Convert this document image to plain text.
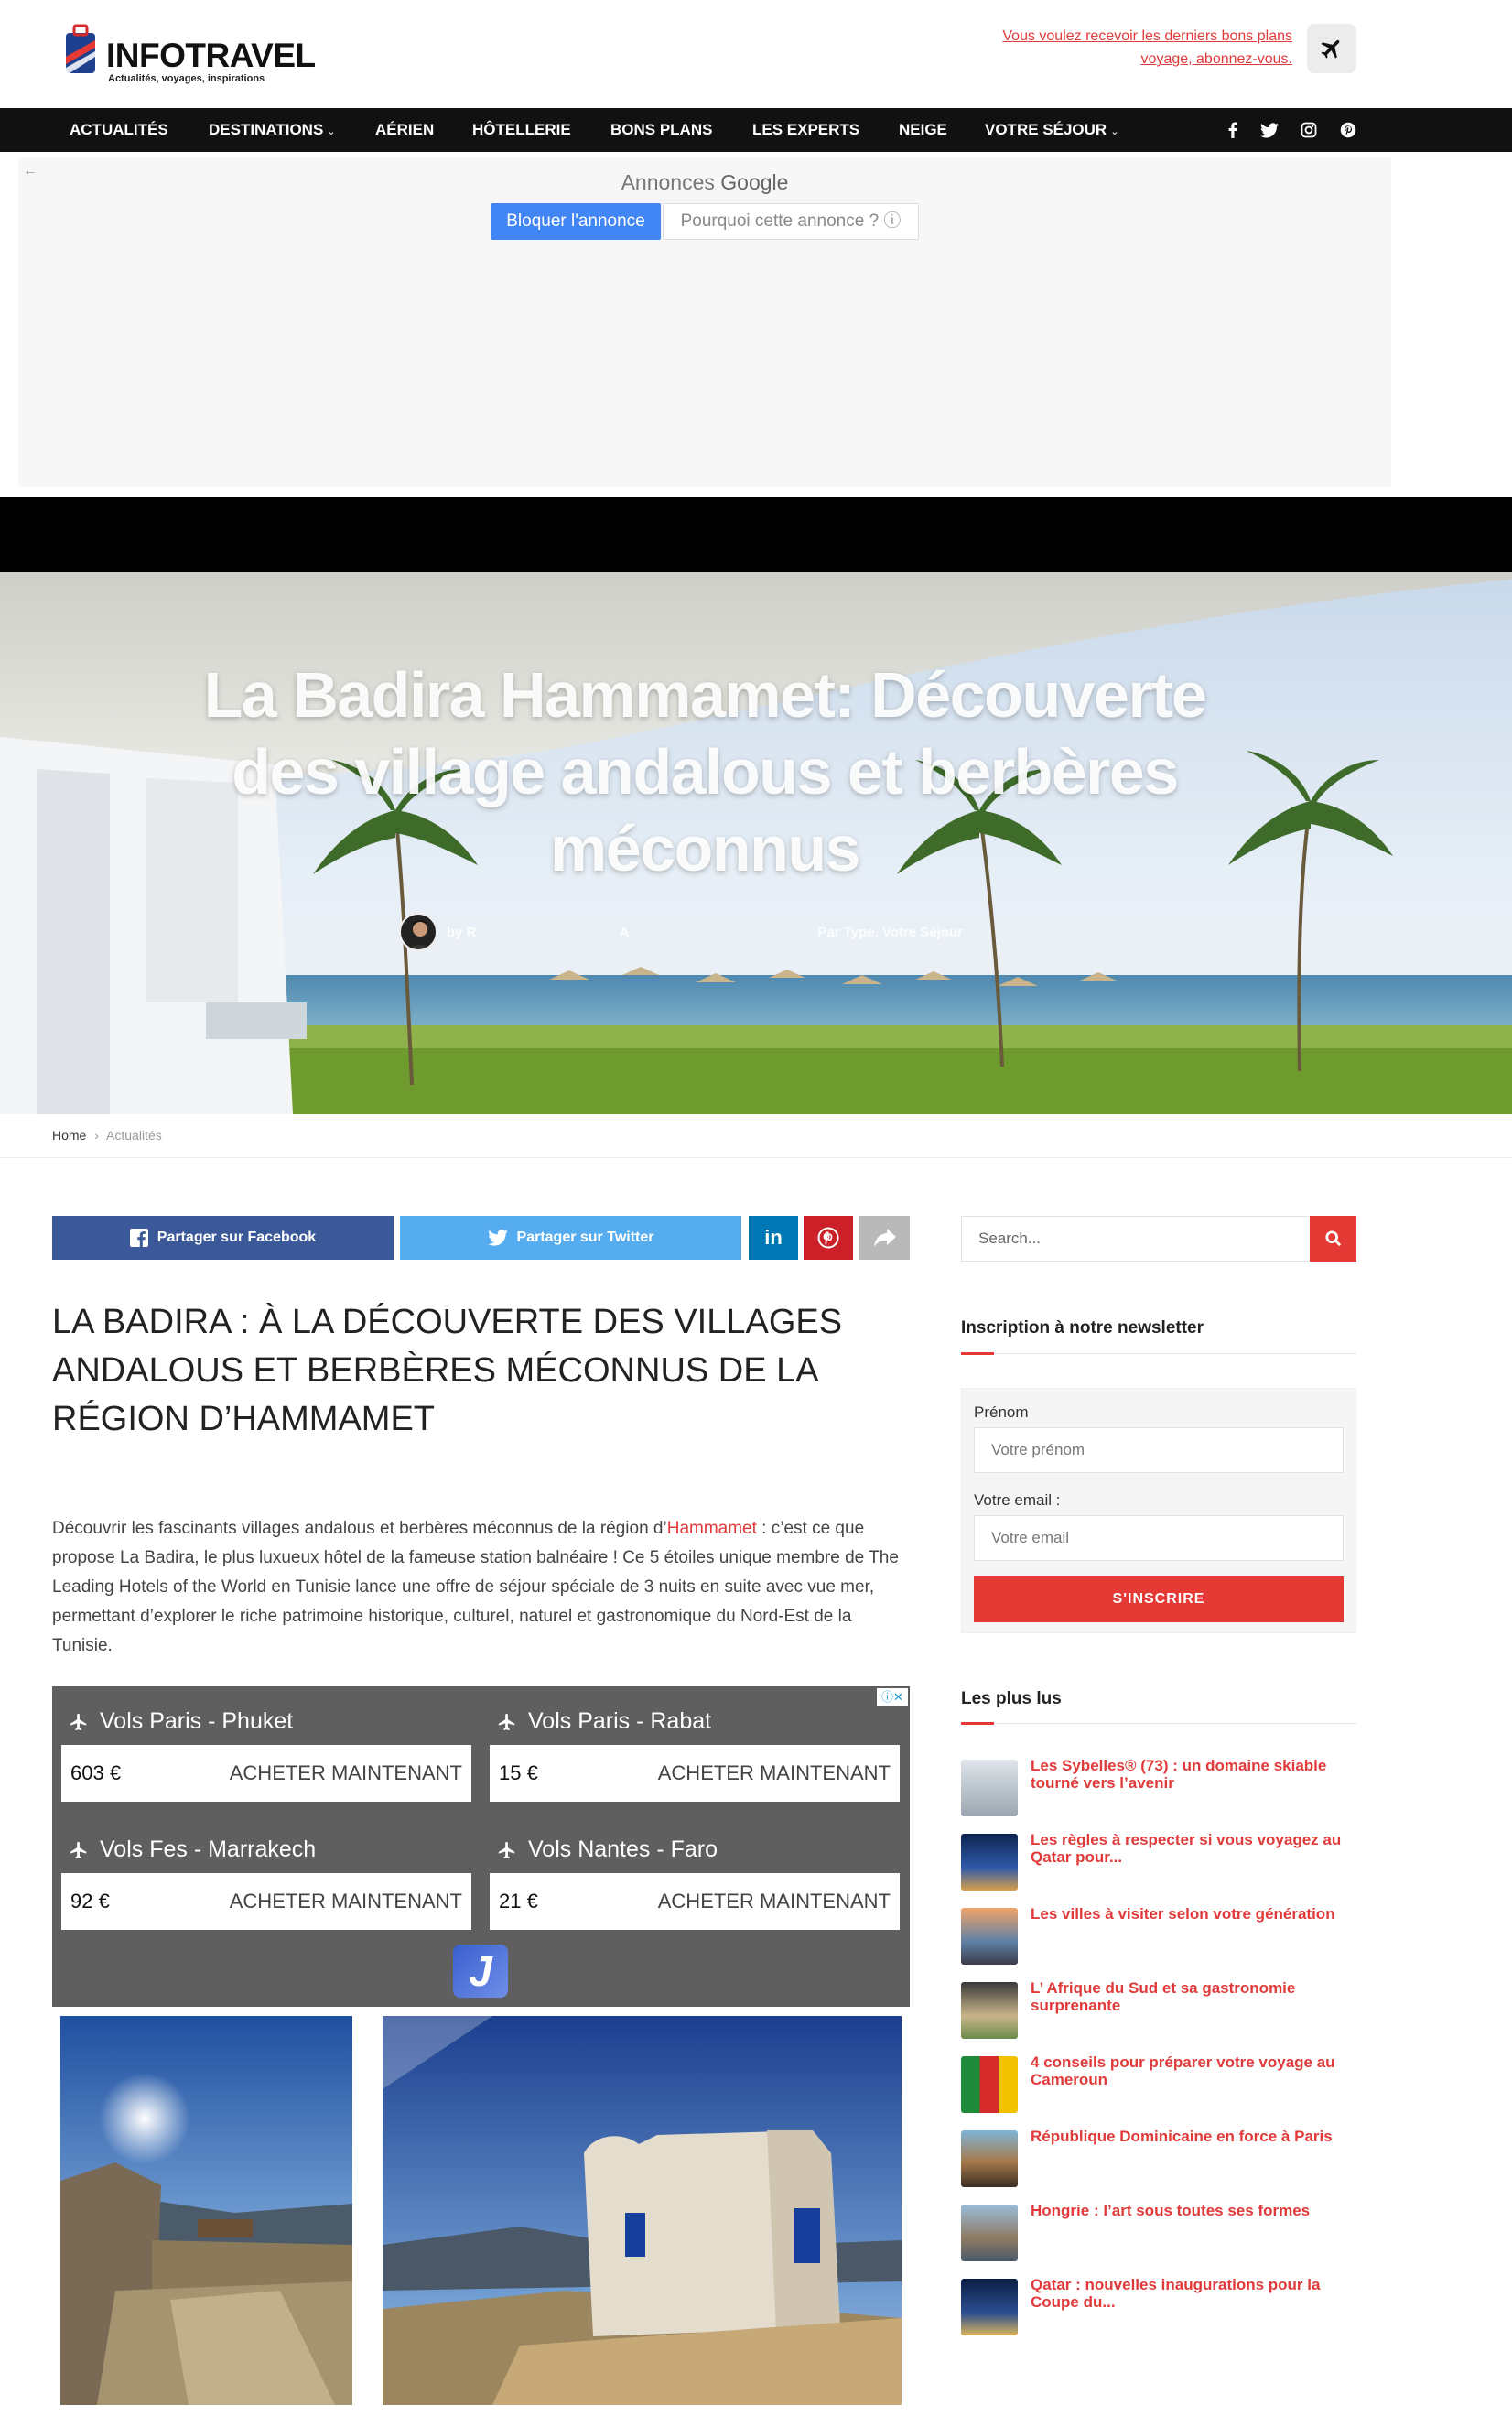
INFOTRAVEL
Actualités, voyages, inspirations
Vous voulez recevoir les derniers bons plans voyage, abonnez-vous.
ACTUALITÉS	DESTINATIONS ⌄	AÉRIEN HÔTELLERIE	BONS PLANS	LES EXPERTS	NEIGE VOTRE SÉJOUR ⌄
←	Annonces Google
Bloquer l'annonce	Pourquoi cette annonce ? ⓘ
La Badira Hammamet: Découverte des village andalous et berbères méconnus
by R	A	Par Type, Votre Séjour
Home › Actualités
Partager sur Facebook	Partager sur Twitter	in
LA BADIRA : À LA DÉCOUVERTE DES VILLAGES ANDALOUS ET BERBÈRES MÉCONNUS DE LA RÉGION D’HAMMAMET

Découvrir les fascinants villages andalous et berbères méconnus de la région d’Hammamet : c’est ce que propose La Badira, le plus luxueux hôtel de la fameuse station balnéaire ! Ce 5 étoiles unique membre de The Leading Hotels of the World en Tunisie lance une offre de séjour spéciale de 3 nuits en suite avec vue mer, permettant d’explorer le riche patrimoine historique, culturel, naturel et gastronomique du Nord-Est de la Tunisie.

ⓘ✕
Vols Paris - Phuket
603 €	ACHETER MAINTENANT
Vols Paris - Rabat
15 €	ACHETER MAINTENANT
Vols Fes - Marrakech
92 €	ACHETER MAINTENANT
Vols Nantes - Faro
21 €	ACHETER MAINTENANT
J
Search...
Inscription à notre newsletter
Prénom
Votre prénom
Votre email :
Votre email
S'INSCRIRE
Les plus lus
Les Sybelles® (73) : un domaine skiable tourné vers l’avenir
Les règles à respecter si vous voyagez au Qatar pour...
Les villes à visiter selon votre génération
L’ Afrique du Sud et sa gastronomie surprenante
4 conseils pour préparer votre voyage au Cameroun
République Dominicaine en force à Paris
Hongrie : l’art sous toutes ses formes
Qatar : nouvelles inaugurations pour la Coupe du...
